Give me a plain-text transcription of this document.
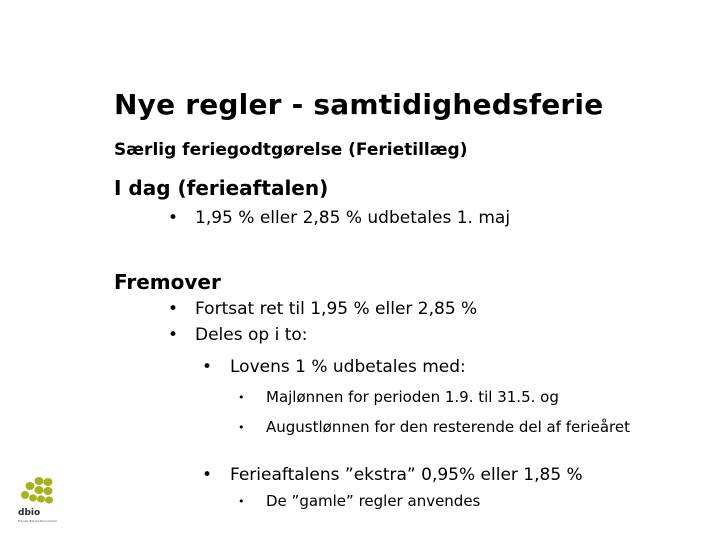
Nye regler - samtidighedsferie
Særlig feriegodtgørelse (Ferietillæg)
I dag (ferieaftalen)
• 1,95 % eller 2,85 % udbetales 1. maj
Fremover
• Fortsat ret til 1,95 % eller 2,85 %
• Deles op i to:
• Lovens 1 % udbetales med:
• Majlønnen for perioden 1.9. til 31.5. og
• Augustlønnen for den resterende del af ferieåret
• Ferieaftalens ”ekstra” 0,95% eller 1,85 %
• De ”gamle” regler anvendes
dbio
Dansk Blomsterindustri
